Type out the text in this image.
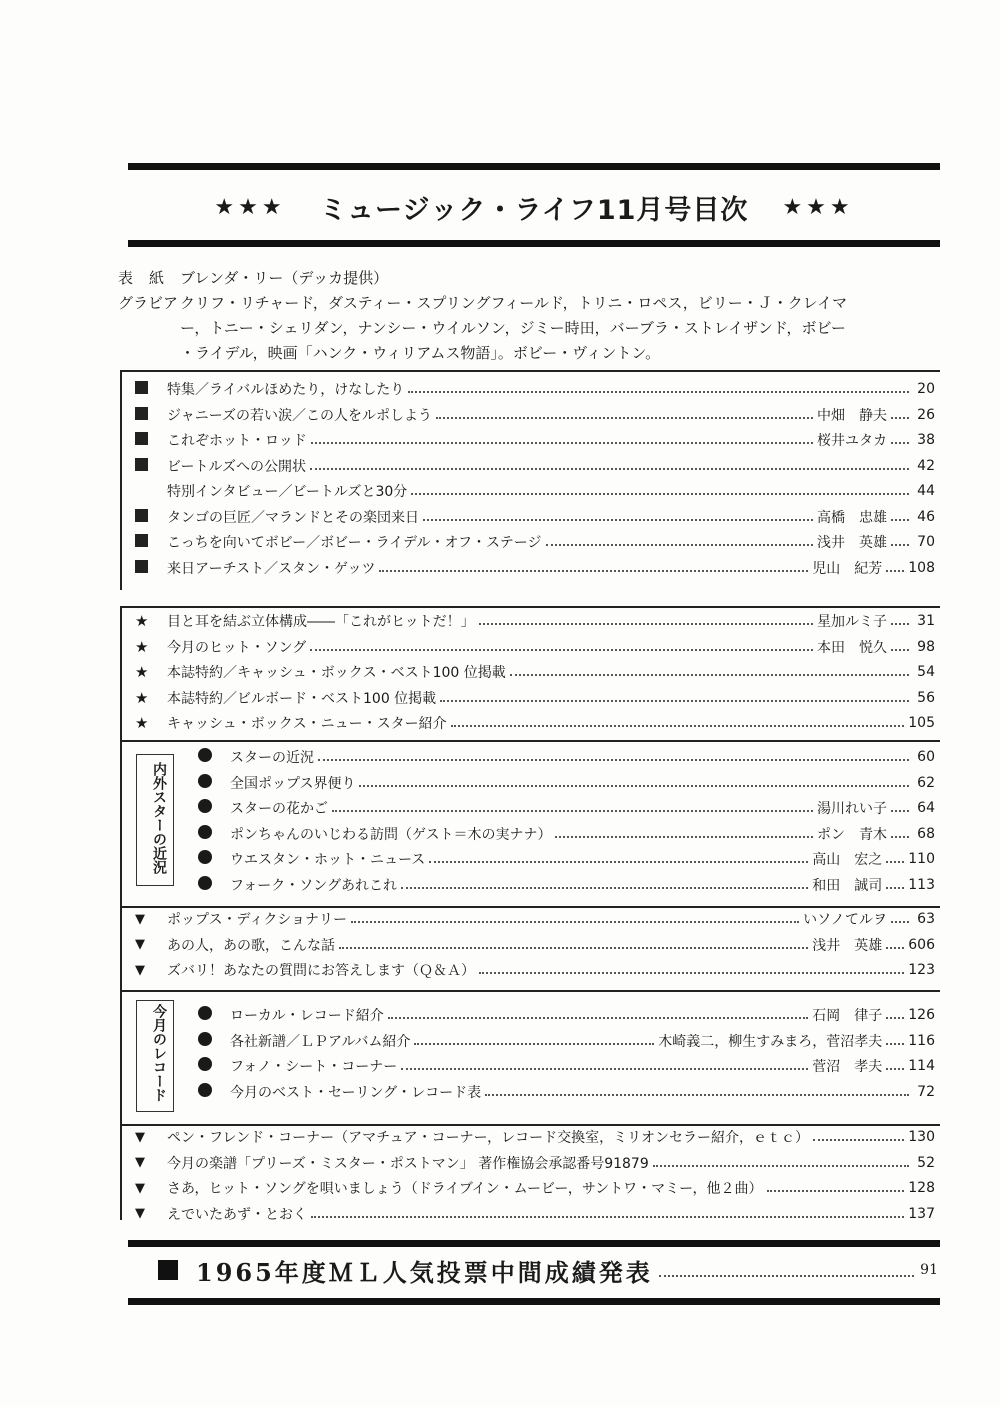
★★★ ミュージック・ライフ11月号目次 ★★★
表紙 ブレンダ・リー（デッカ提供）
グラビア クリフ・リチャード，ダスティー・スプリングフィールド，トリニ・ロペス，ビリー・Ｊ・クレイマ
ー，トニー・シェリダン，ナンシー・ウイルソン，ジミー時田，バーブラ・ストレイザンド，ボビー
・ライデル，映画「ハンク・ウィリアムス物語」。ボビー・ヴィントン。
特集／ライバルほめたり，けなしたり	20
ジャニーズの若い涙／この人をルポしよう	中畑　静夫 26
これぞホット・ロッド	桜井ユタカ 38
ビートルズへの公開状	42
特別インタビュー／ビートルズと30分	44
タンゴの巨匠／マランドとその楽団来日	高橋　忠雄 46
こっちを向いてボビー／ボビー・ライデル・オフ・ステージ	浅井　英雄 70
来日アーチスト／スタン・ゲッツ	児山　紀芳 108
★	目と耳を結ぶ立体構成――「これがヒットだ！」	星加ルミ子 31
★	今月のヒット・ソング	本田　悦久 98
★	本誌特約／キャッシュ・ボックス・ベスト100 位掲載	54
★	本誌特約／ビルボード・ベスト100 位掲載	56
★	キャッシュ・ボックス・ニュー・スター紹介	105
内外スターの近況
スターの近況	60
全国ポップス界便り	62
スターの花かご	湯川れい子 64
ポンちゃんのいじわる訪問（ゲスト＝木の実ナナ）	ポン　青木 68
ウエスタン・ホット・ニュース	高山　宏之 110
フォーク・ソングあれこれ	和田　誠司 113
▼	ポップス・ディクショナリー	いソノてルヲ 63
▼	あの人，あの歌，こんな話	浅井　英雄 606
▼	ズバリ！あなたの質問にお答えします（Ｑ＆Ａ）	123
今月のレコード	ローカル・レコード紹介	石岡　律子 126
各社新譜／ＬＰアルバム紹介	木崎義二，柳生すみまろ，菅沼孝夫 116
フォノ・シート・コーナー	菅沼　孝夫 114
今月のベスト・セーリング・レコード表	72
▼	ペン・フレンド・コーナー（アマチュア・コーナー，レコード交換室，ミリオンセラー紹介，ｅｔｃ）	130
▼	今月の楽譜「プリーズ・ミスター・ポストマン」 著作権協会承認番号91879	52
▼	さあ，ヒット・ソングを唄いましょう（ドライブイン・ムービー，サントワ・マミー，他２曲）	128
▼	えでいたあず・とおく	137
1965年度ＭＬ人気投票中間成績発表	91
